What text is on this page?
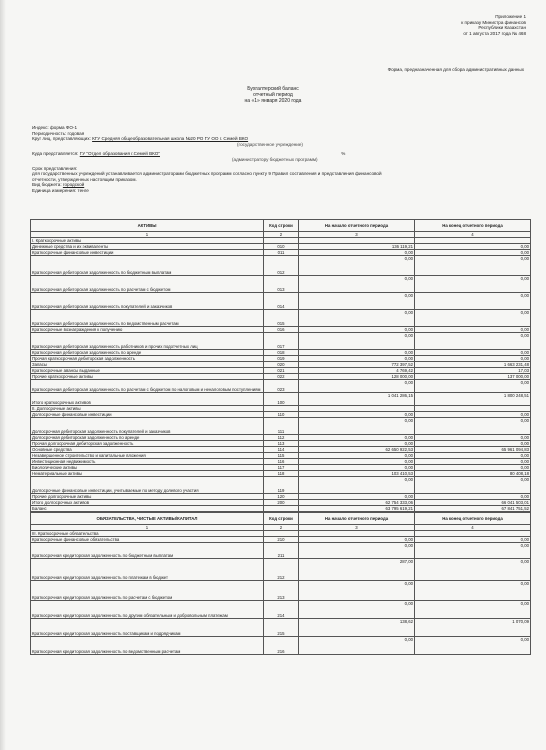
Приложение 1
к приказу Министра финансов
Республики Казахстан
от 1 августа 2017 года № 468
Форма, предназначенная для сбора административных данных
Бухгалтерский баланс
отчетный период
на «1» января 2020 года
Индекс: форма ФО-1
Периодичность: годовая
Круг лиц, представляющих: КГУ Средняя общеобразовательная школа №20 РО ГУ ОО г. Семей ВКО
(государственное учреждение)
Куда представляется: ГУ "Отдел образования г.Семей ВКО"	%
(администратору бюджетных программ)
Срок представления:
для государственных учреждений устанавливается администраторами бюджетных программ согласно пункту 9 Правил составления и представления финансовой
отчетности, утвержденных настоящим приказом.
Вид бюджета: городской
Единица измерения: тенге
АКТИВЫ	Код строки	На начало отчетного периода	На конец отчетного периода
1	2	3	4
I. Краткосрочные активы			
Денежные средства и их эквиваленты	010	136 119,21	0,00
Краткосрочные финансовые инвестиции	011	0,00	0,00
Краткосрочная дебиторская задолженность по бюджетным выплатам	012	0,00	0,00
Краткосрочная дебиторская задолженность по расчетам с бюджетом	013	0,00	0,00
Краткосрочная дебиторская задолженность покупателей и заказчиков	014	0,00	0,00
Краткосрочная дебиторская задолженность по ведомственным расчетам	015	0,00	0,00
Краткосрочные вознаграждения к получению	016	0,00	0,00
Краткосрочная дебиторская задолженность работников и прочих подотчетных лиц	017	0,00	0,00
Краткосрочная дебиторская задолженность по аренде	018	0,00	0,00
Прочая краткосрочная дебиторская задолженность	019	0,00	0,00
Запасы	020	772 397,52	1 663 231,48
Краткосрочные авансы выданные	021	4 769,42	17,03
Прочие краткосрочные активы	022	128 000,00	137 000,00
Краткосрочная дебиторская задолженность по расчетам с бюджетом по налоговым и неналоговым поступлениям	023	0,00	0,00
Итого краткосрочных активов	100	1 041 286,15	1 800 248,51
II. Долгосрочные активы			
Долгосрочные финансовые инвестиции	110	0,00	0,00
Долгосрочная дебиторская задолженность покупателей и заказчиков	111	0,00	0,00
Долгосрочная дебиторская задолженность по аренде	112	0,00	0,00
Прочая долгосрочная дебиторская задолженность	113	0,00	0,00
Основные средства	114	62 650 922,53	65 961 094,83
Незавершенное строительство и капитальные вложения	115	0,00	0,00
Инвестиционная недвижимость	116	0,00	0,00
Биологические активы	117	0,00	0,00
Нематериальные активы	118	103 410,53	80 408,18
Долгосрочные финансовые инвестиции, учитываемые по методу долевого участия	119	0,00	0,00
Прочие долгосрочные активы	120	0,00	0,00
Итого долгосрочных активов	200	62 754 333,06	66 041 503,01
Баланс		63 795 619,21	67 841 751,52
ОБЯЗАТЕЛЬСТВА, ЧИСТЫЕ АКТИВЫ/КАПИТАЛ	Код строки	На начало отчетного периода	На конец отчетного периода
1	2	3	4
III. Краткосрочные обязательства			
Краткосрочные финансовые обязательства	210	0,00	0,00
Краткосрочная кредиторская задолженность по бюджетным выплатам	211	0,00	0,00
Краткосрочная кредиторская задолженность по платежам в бюджет	212	287,00	0,00
Краткосрочная кредиторская задолженность по расчетам с бюджетом	213	0,00	0,00
Краткосрочная кредиторская задолженность по другим обязательным и добровольным платежам	214	0,00	0,00
Краткосрочная кредиторская задолженность поставщикам и подрядчикам	215	138,62	1 070,09
Краткосрочная кредиторская задолженность по ведомственным расчетам	216	0,00	0,00
